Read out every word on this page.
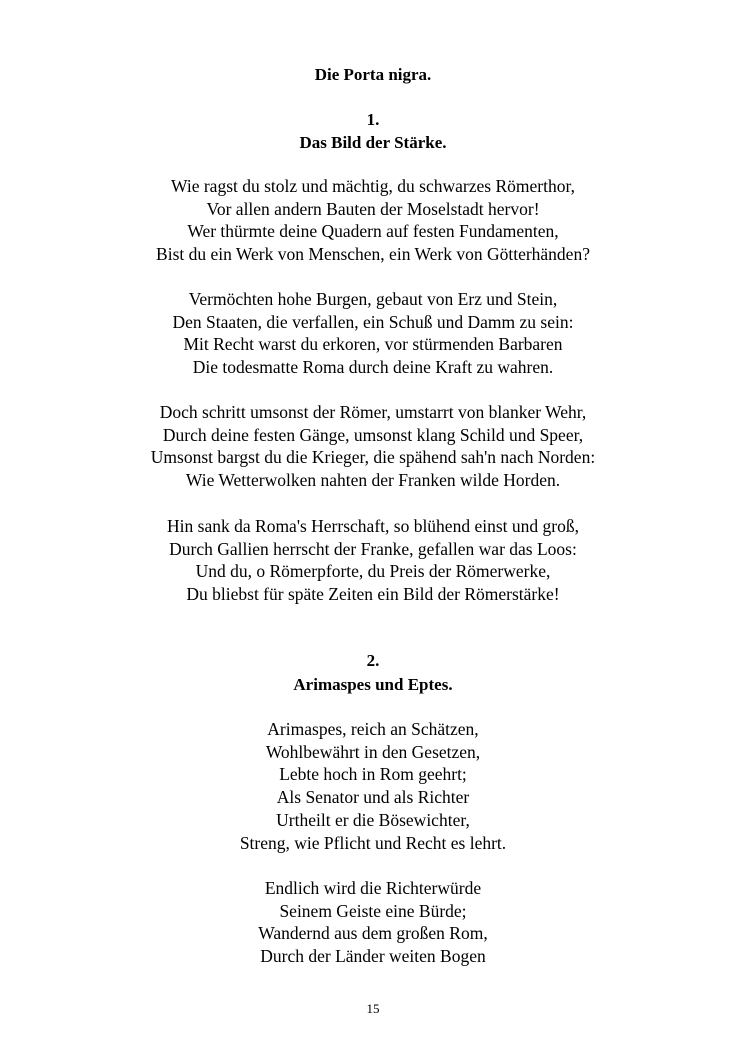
Die Porta nigra.
1.
Das Bild der Stärke.
Wie ragst du stolz und mächtig, du schwarzes Römerthor,
Vor allen andern Bauten der Moselstadt hervor!
Wer thürmte deine Quadern auf festen Fundamenten,
Bist du ein Werk von Menschen, ein Werk von Götterhänden?
Vermöchten hohe Burgen, gebaut von Erz und Stein,
Den Staaten, die verfallen, ein Schuß und Damm zu sein:
Mit Recht warst du erkoren, vor stürmenden Barbaren
Die todesmatte Roma durch deine Kraft zu wahren.
Doch schritt umsonst der Römer, umstarrt von blanker Wehr,
Durch deine festen Gänge, umsonst klang Schild und Speer,
Umsonst bargst du die Krieger, die spähend sah'n nach Norden:
Wie Wetterwolken nahten der Franken wilde Horden.
Hin sank da Roma's Herrschaft, so blühend einst und groß,
Durch Gallien herrscht der Franke, gefallen war das Loos:
Und du, o Römerpforte, du Preis der Römerwerke,
Du bliebst für späte Zeiten ein Bild der Römerstärke!
2.
Arimaspes und Eptes.
Arimaspes, reich an Schätzen,
Wohlbewährt in den Gesetzen,
Lebte hoch in Rom geehrt;
Als Senator und als Richter
Urtheilt er die Bösewichter,
Streng, wie Pflicht und Recht es lehrt.
Endlich wird die Richterwürde
Seinem Geiste eine Bürde;
Wandernd aus dem großen Rom,
Durch der Länder weiten Bogen
15
